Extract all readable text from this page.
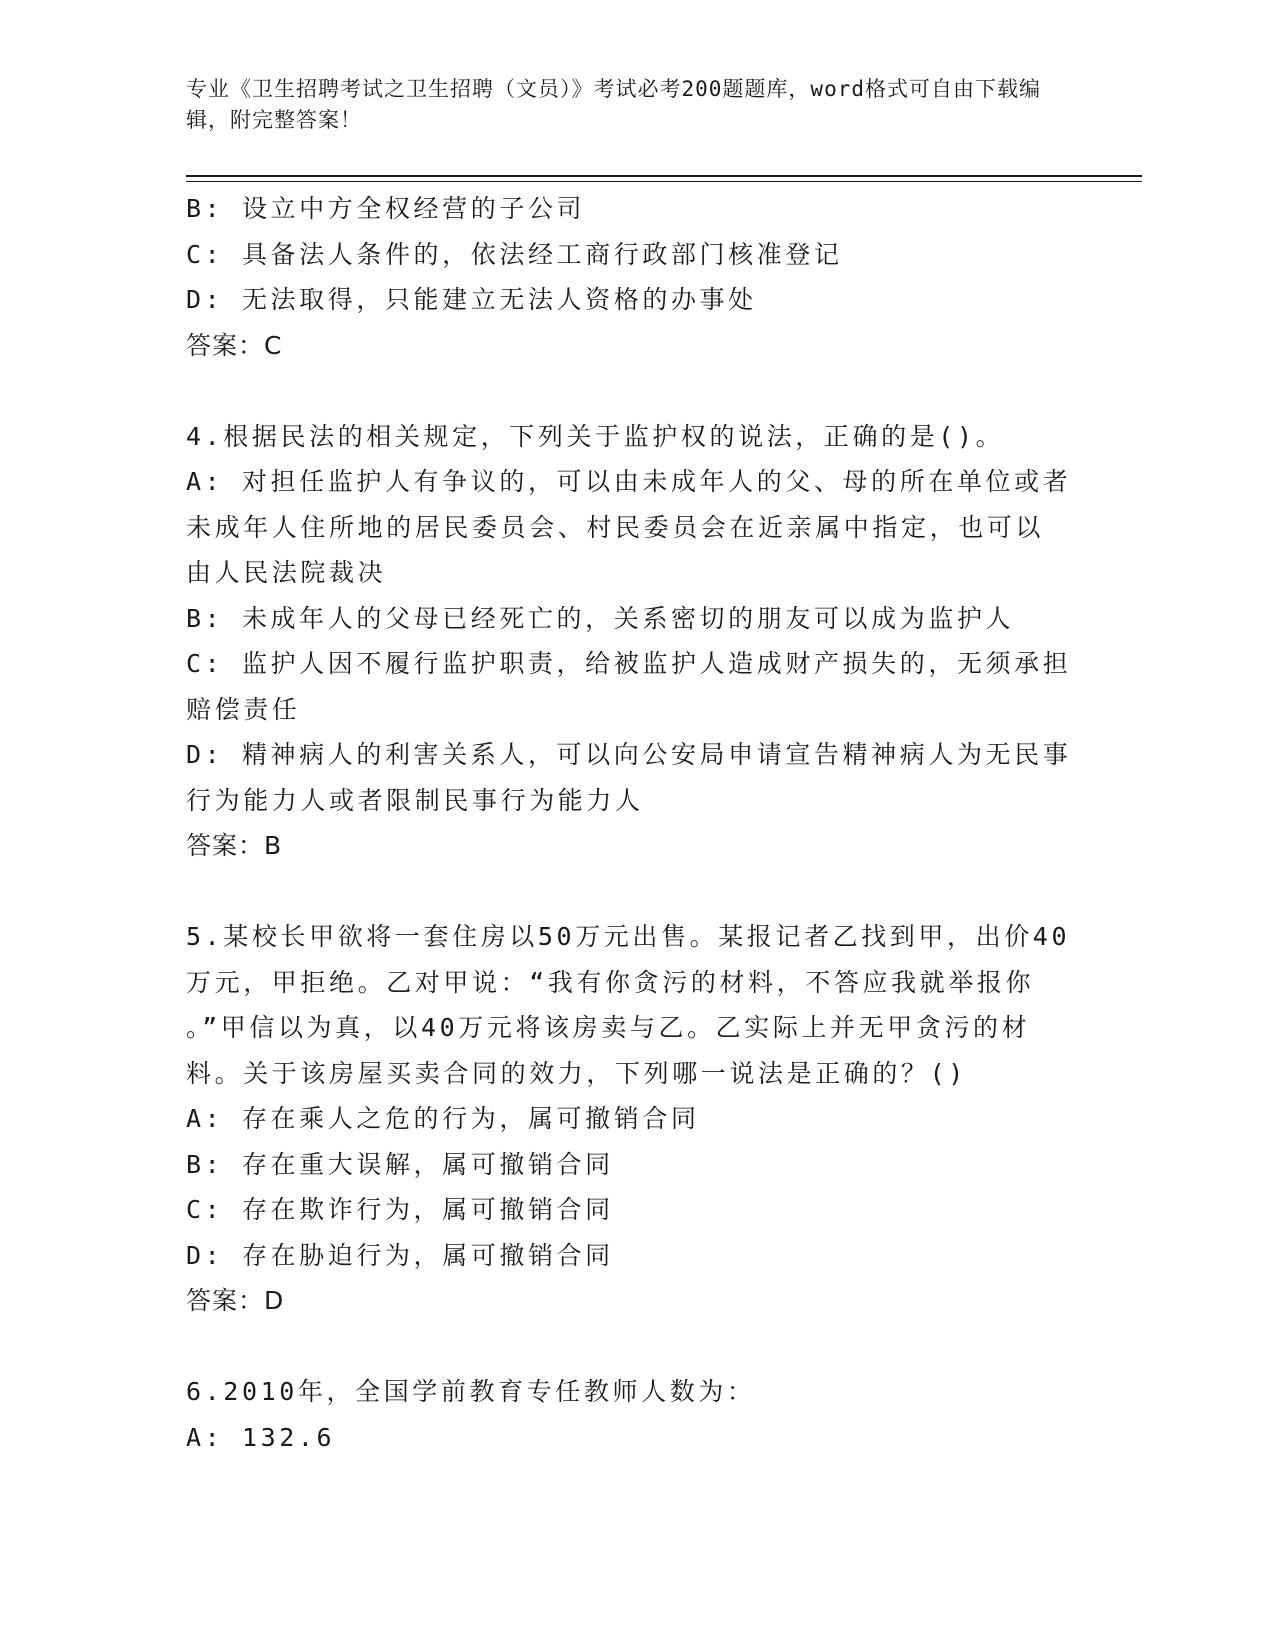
专业《卫生招聘考试之卫生招聘（文员）》考试必考200题题库，word格式可自由下载编辑，附完整答案！
B: 设立中方全权经营的子公司
C: 具备法人条件的，依法经工商行政部门核准登记
D: 无法取得，只能建立无法人资格的办事处
答案：C
4.根据民法的相关规定，下列关于监护权的说法，正确的是()。
A: 对担任监护人有争议的，可以由未成年人的父、母的所在单位或者
未成年人住所地的居民委员会、村民委员会在近亲属中指定，也可以
由人民法院裁决
B: 未成年人的父母已经死亡的，关系密切的朋友可以成为监护人
C: 监护人因不履行监护职责，给被监护人造成财产损失的，无须承担
赔偿责任
D: 精神病人的利害关系人，可以向公安局申请宣告精神病人为无民事
行为能力人或者限制民事行为能力人
答案：B
5.某校长甲欲将一套住房以50万元出售。某报记者乙找到甲，出价40
万元，甲拒绝。乙对甲说：“我有你贪污的材料，不答应我就举报你
。”甲信以为真，以40万元将该房卖与乙。乙实际上并无甲贪污的材
料。关于该房屋买卖合同的效力，下列哪一说法是正确的？()
A: 存在乘人之危的行为，属可撤销合同
B: 存在重大误解，属可撤销合同
C: 存在欺诈行为，属可撤销合同
D: 存在胁迫行为，属可撤销合同
答案：D
6.2010年，全国学前教育专任教师人数为：
A: 132.6
